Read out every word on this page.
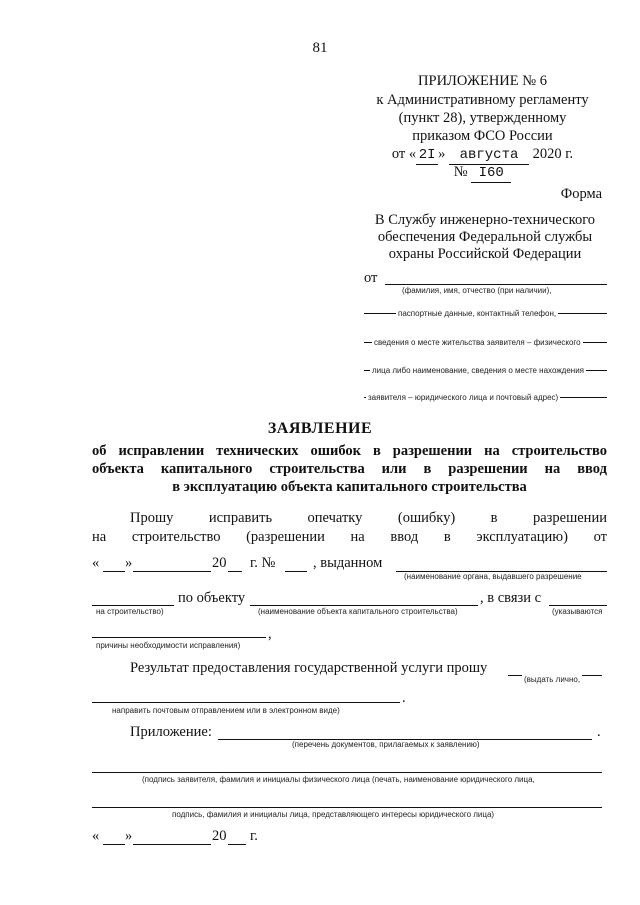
81
ПРИЛОЖЕНИЕ № 6
к Административному регламенту
(пункт 28), утвержденному
приказом ФСО России
от « 2I » августа 2020 г.
№ I60
Форма
В Службу инженерно-технического обеспечения Федеральной службы охраны Российской Федерации
от
(фамилия, имя, отчество (при наличии),
паспортные данные, контактный телефон,
сведения о месте жительства заявителя – физического
лица либо наименование, сведения о месте нахождения
заявителя – юридического лица и почтовый адрес)
ЗАЯВЛЕНИЕ
об исправлении технических ошибок в разрешении на строительство
объекта капитального строительства или в разрешении на ввод
в эксплуатацию объекта капитального строительства
Прошу исправить опечатку (ошибку) в разрешении
на строительство (разрешении на ввод в эксплуатацию) от
« »	20 г. №	, выданном
(наименование органа, выдавшего разрешение
по объекту	, в связи с
на строительство)	(наименование объекта капитального строительства)	(указываются
,
причины необходимости исправления)
Результат предоставления государственной услуги прошу
(выдать лично,
.
направить почтовым отправлением или в электронном виде)
Приложение:	.
(перечень документов, прилагаемых к заявлению)
(подпись заявителя, фамилия и инициалы физического лица (печать, наименование юридического лица,
подпись, фамилия и инициалы лица, представляющего интересы юридического лица)
« »	20 г.
